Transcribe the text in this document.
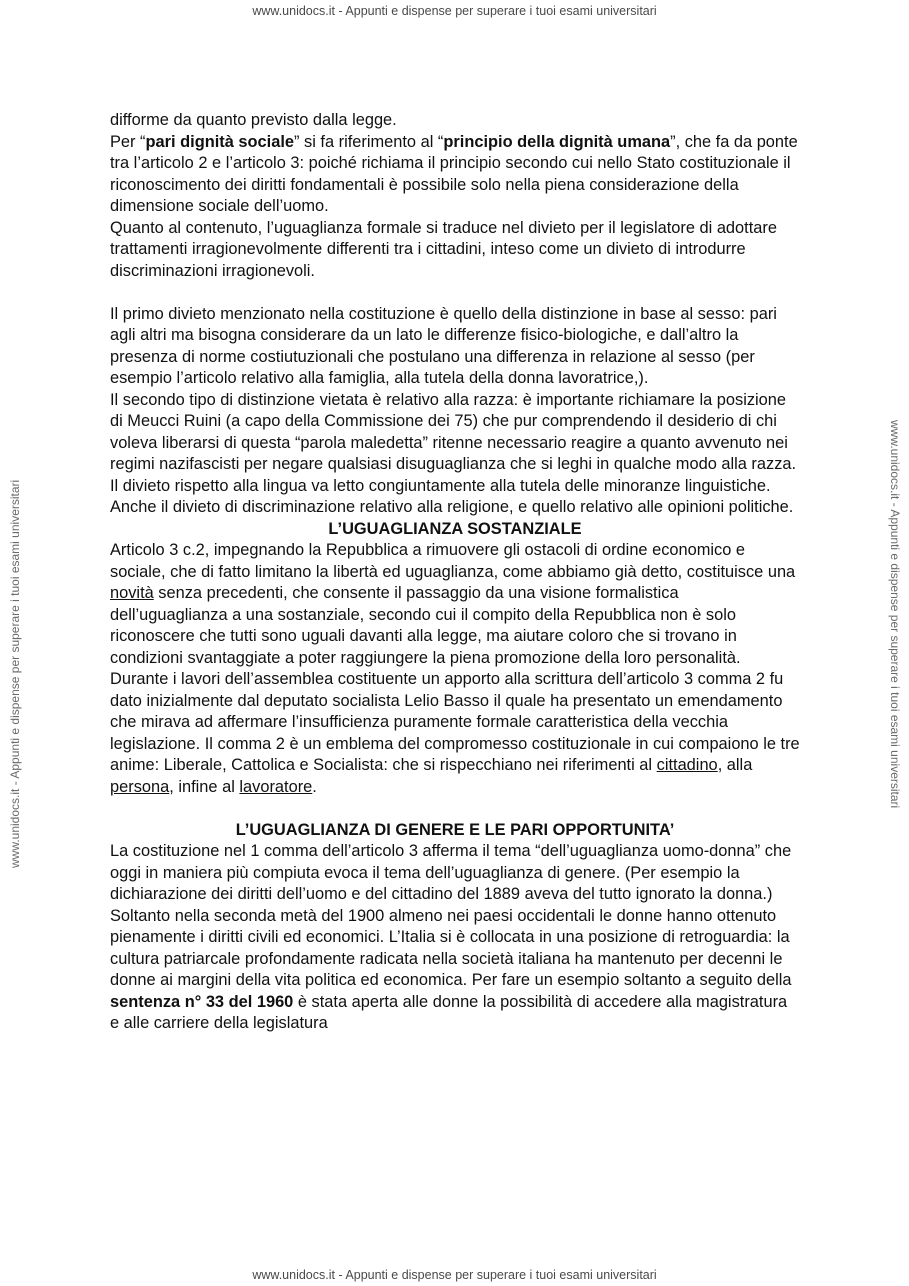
www.unidocs.it - Appunti e dispense per superare i tuoi esami universitari
www.unidocs.it - Appunti e dispense per superare i tuoi esami universitari	www.unidocs.it - Appunti e dispense per superare i tuoi esami universitari

difforme da quanto previsto dalla legge.

Per “pari dignità sociale” si fa riferimento al “principio della dignità umana”, che fa da ponte tra l’articolo 2 e l’articolo 3: poiché richiama il principio secondo cui nello Stato costituzionale il riconoscimento dei diritti fondamentali è possibile solo nella piena considerazione della dimensione sociale dell’uomo.

Quanto al contenuto, l’uguaglianza formale si traduce nel divieto per il legislatore di adottare trattamenti irragionevolmente differenti tra i cittadini, inteso come un divieto di introdurre discriminazioni irragionevoli.

Il primo divieto menzionato nella costituzione è quello della distinzione in base al sesso: pari agli altri ma bisogna considerare da un lato le differenze fisico-biologiche, e dall’altro la presenza di norme costiutuzionali che postulano una differenza in relazione al sesso (per esempio l’articolo relativo alla famiglia, alla tutela della donna lavoratrice,).

Il secondo tipo di distinzione vietata è relativo alla razza: è importante richiamare la posizione di Meucci Ruini (a capo della Commissione dei 75) che pur comprendendo il desiderio di chi voleva liberarsi di questa “parola maledetta” ritenne necessario reagire a quanto avvenuto nei regimi nazifascisti per negare qualsiasi disuguaglianza che si leghi in qualche modo alla razza.

Il divieto rispetto alla lingua va letto congiuntamente alla tutela delle minoranze linguistiche.

Anche il divieto di discriminazione relativo alla religione, e quello relativo alle opinioni politiche.

L’UGUAGLIANZA SOSTANZIALE

Articolo 3 c.2, impegnando la Repubblica a rimuovere gli ostacoli di ordine economico e sociale, che di fatto limitano la libertà ed uguaglianza, come abbiamo già detto, costituisce una novità senza precedenti, che consente il passaggio da una visione formalistica dell’uguaglianza a una sostanziale, secondo cui il compito della Repubblica non è solo riconoscere che tutti sono uguali davanti alla legge, ma aiutare coloro che si trovano in condizioni svantaggiate a poter raggiungere la piena promozione della loro personalità.

Durante i lavori dell’assemblea costituente un apporto alla scrittura dell’articolo 3 comma 2 fu dato inizialmente dal deputato socialista Lelio Basso il quale ha presentato un emendamento che mirava ad affermare l’insufficienza puramente formale caratteristica della vecchia legislazione. Il comma 2 è un emblema del compromesso costituzionale in cui compaiono le tre anime: Liberale, Cattolica e Socialista: che si rispecchiano nei riferimenti al cittadino, alla persona, infine al lavoratore.

L’UGUAGLIANZA DI GENERE E LE PARI OPPORTUNITA’

La costituzione nel 1 comma dell’articolo 3 afferma il tema “dell’uguaglianza uomo-donna” che oggi in maniera più compiuta evoca il tema dell’uguaglianza di genere. (Per esempio la dichiarazione dei diritti dell’uomo e del cittadino del 1889 aveva del tutto ignorato la donna.)

Soltanto nella seconda metà del 1900 almeno nei paesi occidentali le donne hanno ottenuto pienamente i diritti civili ed economici. L’Italia si è collocata in una posizione di retroguardia: la cultura patriarcale profondamente radicata nella società italiana ha mantenuto per decenni le donne ai margini della vita politica ed economica. Per fare un esempio soltanto a seguito della sentenza n° 33 del 1960 è stata aperta alle donne la possibilità di accedere alla magistratura e alle carriere della legislatura

www.unidocs.it - Appunti e dispense per superare i tuoi esami universitari
